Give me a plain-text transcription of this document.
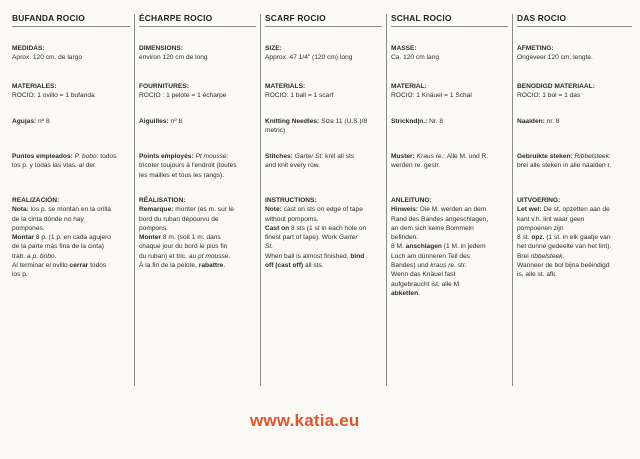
BUFANDA ROCIO
MEDIDAS:
Aprox. 120 cm. de largo
MATERIALES:
ROCIO: 1 ovillo = 1 bufanda
Agujas: nº 8
Puntos empleados: P. bobo: todos
los p. y todas las vtas. al der.
REALIZACIÓN:
Nota: los p. se montan en la orilla
de la cinta dónde no hay
pompones.
Montar 8 p. (1 p. en cada agujero
de la parte más fina de la cinta)
trab. a p. bobo.
Al terminar el ovillo cerrar todos
los p.
ÉCHARPE ROCIO
DIMENSIONS:
environ 120 cm de long
FOURNITURES:
ROCIO : 1 pelote = 1 écharpe
Aiguilles: nº 8
Points employés: Pt mousse:
tricoter toujours à l'endroit (toutes
les mailles et tous les rangs).
RÉALISATION:
Remarque: monter (es m. sur le
bord du ruban dépourvu de
pompons.
Monter 8 m. (soit 1 m. dans
chaque jour du bord le plus fin
du ruban) et tric. au pt mousse.
À la fin de la pelote, rabattre.
SCARF ROCIO
SIZE:
Approx. 47 1/4" (120 cm) long
MATERIALS:
ROCIO: 1 ball = 1 scarf
Knitting Needles: Size 11 (U.S.)/8
metric)
Stitches: Garter St: knit all sts
and knit every row.
INSTRUCTIONS:
Note: cast on sts on edge of tape
without pompoms.
Cast on 8 sts (1 st in each hole on
finest part of tape). Work Garter
St.
When ball is almost finished, bind
off (cast off) all sts.
SCHAL ROCIO
MASSE:
Ca. 120 cm lang
MATERIAL:
ROCIO: 1 Knäuel = 1 Schal
Stricknd|n.: Nr. 8
Muster: Kraus re.: Alle M. und R.
werden re. gestr.
ANLEITUNG:
Hinweis: Die M. werden an dem
Rand des Bandes angeschlagen,
an dem sich keine Bommeln
befinden.
8 M. anschlagen (1 M. in jedem
Loch am dünneren Teil des
Bandes) und kraus re. str.
Wenn das Knäuel fast
aufgebraucht ist, alle M.
abketten.
DAS ROCIO
AFMETING:
Ongeveer 120 cm. lengte.
BENODIGD MATERIAAL:
ROCIO: 1 bol = 1 das
Naalden: nr. 8
Gebruikte steken: Ribbelsteek:
brei alle steken in alle naalden r.
UITVOERING:
Let wel: De st. opzetten aan de
kant v.h. lint waar geen
pompoenen zijn
8 st. opz. (1 st. in elk gaatje van
het dunne gedeelte van het lint).
Brei ribbelsteek.
Wanneer de bol bijna beëindigd
is, alle st. afk.
www.katia.eu
